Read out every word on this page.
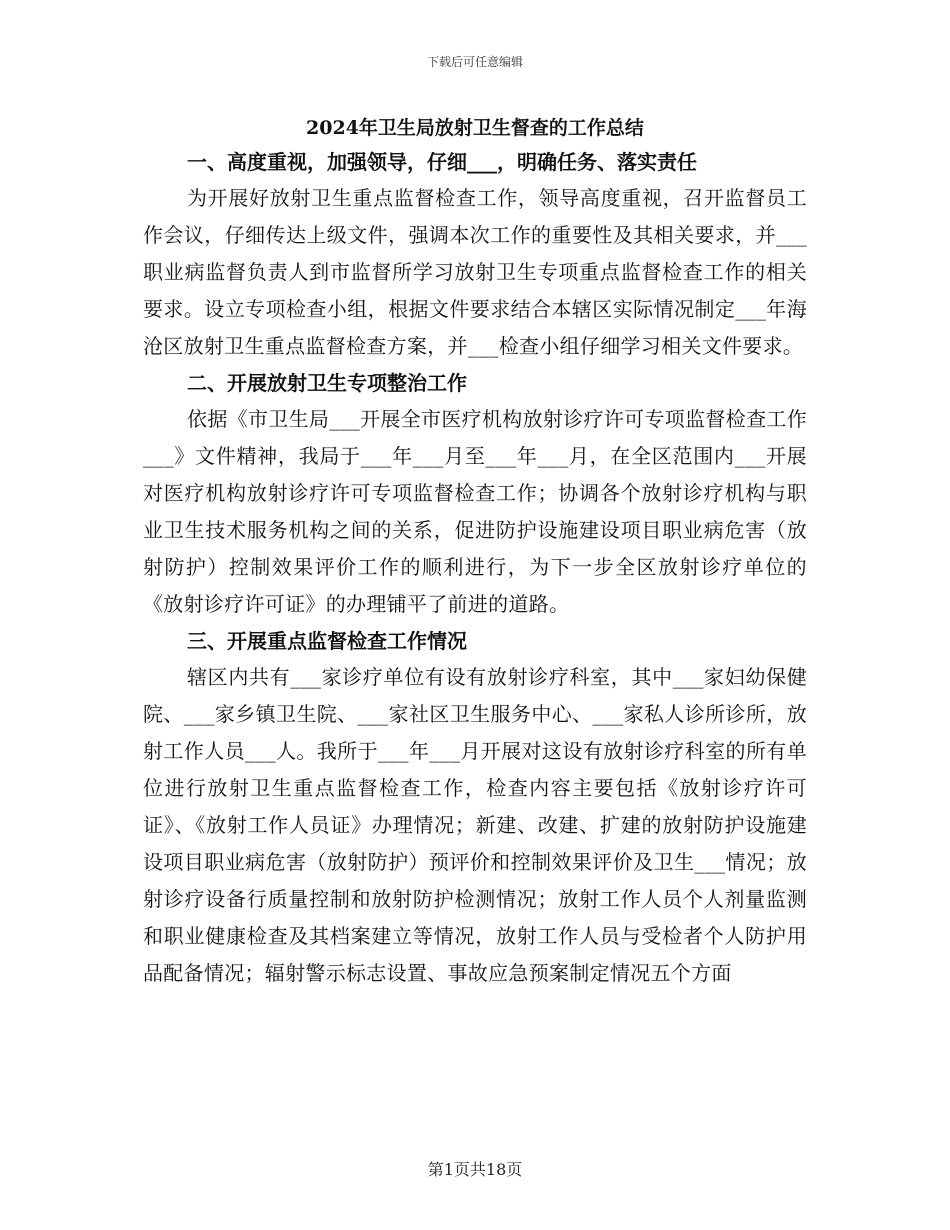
下载后可任意编辑
2024年卫生局放射卫生督查的工作总结
一、高度重视，加强领导，仔细___，明确任务、落实责任

为开展好放射卫生重点监督检查工作，领导高度重视，召开监督员工作会议，仔细传达上级文件，强调本次工作的重要性及其相关要求，并___职业病监督负责人到市监督所学习放射卫生专项重点监督检查工作的相关要求。设立专项检查小组，根据文件要求结合本辖区实际情况制定___年海沧区放射卫生重点监督检查方案，并___检查小组仔细学习相关文件要求。

二、开展放射卫生专项整治工作

依据《市卫生局___开展全市医疗机构放射诊疗许可专项监督检查工作___》文件精神，我局于___年___月至___年___月，在全区范围内___开展对医疗机构放射诊疗许可专项监督检查工作；协调各个放射诊疗机构与职业卫生技术服务机构之间的关系，促进防护设施建设项目职业病危害（放射防护）控制效果评价工作的顺利进行，为下一步全区放射诊疗单位的《放射诊疗许可证》的办理铺平了前进的道路。

三、开展重点监督检查工作情况

辖区内共有___家诊疗单位有设有放射诊疗科室，其中___家妇幼保健院、___家乡镇卫生院、___家社区卫生服务中心、___家私人诊所诊所，放射工作人员___人。我所于___年___月开展对这设有放射诊疗科室的所有单位进行放射卫生重点监督检查工作，检查内容主要包括《放射诊疗许可证》、《放射工作人员证》办理情况；新建、改建、扩建的放射防护设施建设项目职业病危害（放射防护）预评价和控制效果评价及卫生___情况；放射诊疗设备行质量控制和放射防护检测情况；放射工作人员个人剂量监测和职业健康检查及其档案建立等情况，放射工作人员与受检者个人防护用品配备情况；辐射警示标志设置、事故应急预案制定情况五个方面

第1页共18页
